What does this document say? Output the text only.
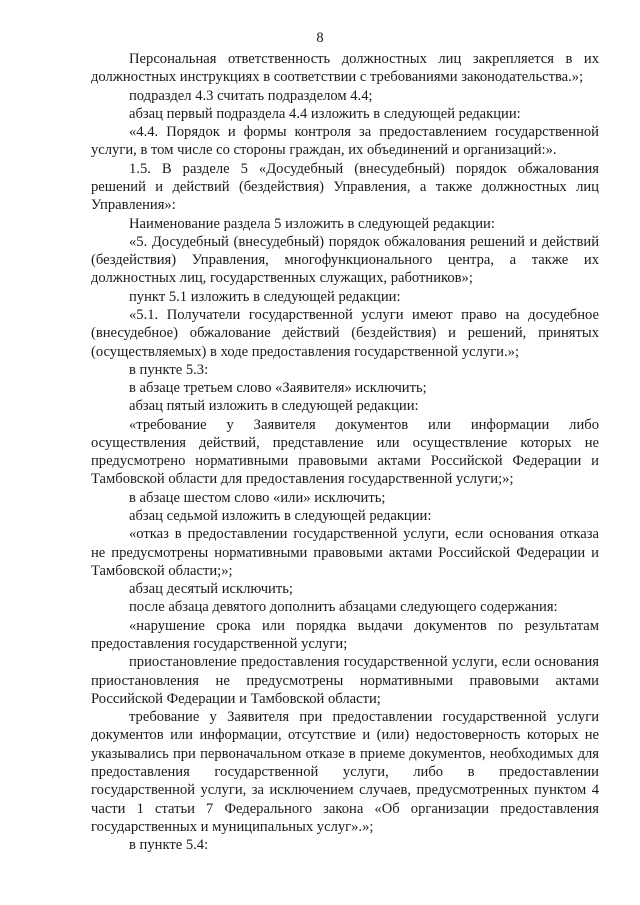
8

Персональная ответственность должностных лиц закрепляется в их должностных инструкциях в соответствии с требованиями законодательства.»;

подраздел 4.3 считать подразделом 4.4;

абзац первый подраздела 4.4 изложить в следующей редакции:

«4.4. Порядок и формы контроля за предоставлением государственной услуги, в том числе со стороны граждан, их объединений и организаций:».

1.5. В разделе 5 «Досудебный (внесудебный) порядок обжалования решений и действий (бездействия) Управления, а также должностных лиц Управления»:

Наименование раздела 5 изложить в следующей редакции:

«5. Досудебный (внесудебный) порядок обжалования решений и действий (бездействия) Управления, многофункционального центра, а также их должностных лиц, государственных служащих, работников»;

пункт 5.1 изложить в следующей редакции:

«5.1. Получатели государственной услуги имеют право на досудебное (внесудебное) обжалование действий (бездействия) и решений, принятых (осуществляемых) в ходе предоставления государственной услуги.»;

в пункте 5.3:

в абзаце третьем слово «Заявителя» исключить;

абзац пятый изложить в следующей редакции:

«требование у Заявителя документов или информации либо осуществления действий, представление или осуществление которых не предусмотрено нормативными правовыми актами Российской Федерации и Тамбовской области для предоставления государственной услуги;»;

в абзаце шестом слово «или» исключить;

абзац седьмой изложить в следующей редакции:

«отказ в предоставлении государственной услуги, если основания отказа не предусмотрены нормативными правовыми актами Российской Федерации и Тамбовской области;»;

абзац десятый исключить;

после абзаца девятого дополнить абзацами следующего содержания:

«нарушение срока или порядка выдачи документов по результатам предоставления государственной услуги;

приостановление предоставления государственной услуги, если основания приостановления не предусмотрены нормативными правовыми актами Российской Федерации и Тамбовской области;

требование у Заявителя при предоставлении государственной услуги документов или информации, отсутствие и (или) недостоверность которых не указывались при первоначальном отказе в приеме документов, необходимых для предоставления государственной услуги, либо в предоставлении государственной услуги, за исключением случаев, предусмотренных пунктом 4 части 1 статьи 7 Федерального закона «Об организации предоставления государственных и муниципальных услуг».»;

в пункте 5.4:
